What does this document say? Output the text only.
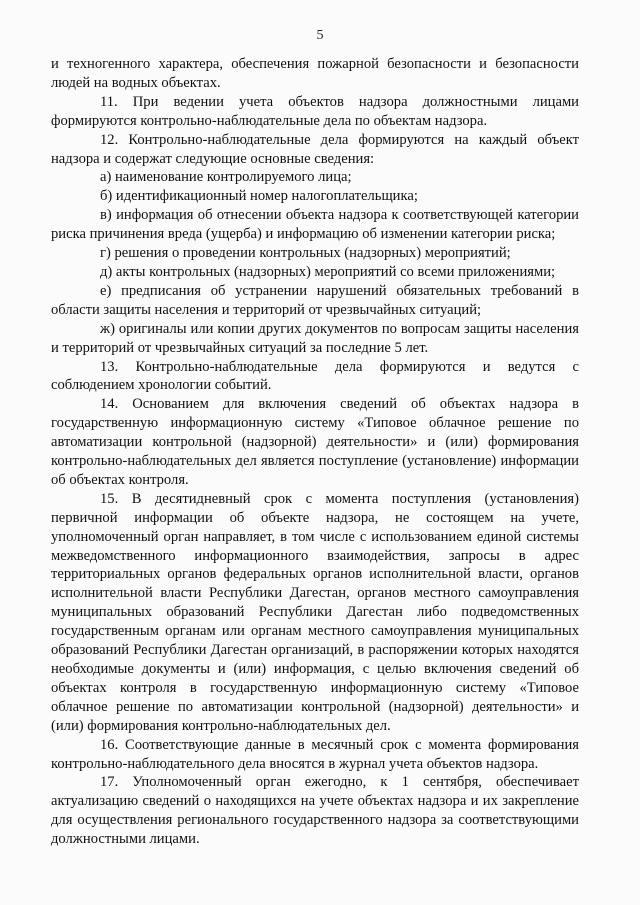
5

и техногенного характера, обеспечения пожарной безопасности и безопасности людей на водных объектах.

11. При ведении учета объектов надзора должностными лицами формируются контрольно-наблюдательные дела по объектам надзора.

12. Контрольно-наблюдательные дела формируются на каждый объект надзора и содержат следующие основные сведения:

а) наименование контролируемого лица;

б) идентификационный номер налогоплательщика;

в) информация об отнесении объекта надзора к соответствующей категории риска причинения вреда (ущерба) и информацию об изменении категории риска;

г) решения о проведении контрольных (надзорных) мероприятий;

д) акты контрольных (надзорных) мероприятий со всеми приложениями;

е) предписания об устранении нарушений обязательных требований в области защиты населения и территорий от чрезвычайных ситуаций;

ж) оригиналы или копии других документов по вопросам защиты населения и территорий от чрезвычайных ситуаций за последние 5 лет.

13. Контрольно-наблюдательные дела формируются и ведутся с соблюдением хронологии событий.

14. Основанием для включения сведений об объектах надзора в государственную информационную систему «Типовое облачное решение по автоматизации контрольной (надзорной) деятельности» и (или) формирования контрольно-наблюдательных дел является поступление (установление) информации об объектах контроля.

15. В десятидневный срок с момента поступления (установления) первичной информации об объекте надзора, не состоящем на учете, уполномоченный орган направляет, в том числе с использованием единой системы межведомственного информационного взаимодействия, запросы в адрес территориальных органов федеральных органов исполнительной власти, органов исполнительной власти Республики Дагестан, органов местного самоуправления муниципальных образований Республики Дагестан либо подведомственных государственным органам или органам местного самоуправления муниципальных образований Республики Дагестан организаций, в распоряжении которых находятся необходимые документы и (или) информация, с целью включения сведений об объектах контроля в государственную информационную систему «Типовое облачное решение по автоматизации контрольной (надзорной) деятельности» и (или) формирования контрольно-наблюдательных дел.

16. Соответствующие данные в месячный срок с момента формирования контрольно-наблюдательного дела вносятся в журнал учета объектов надзора.

17. Уполномоченный орган ежегодно, к 1 сентября, обеспечивает актуализацию сведений о находящихся на учете объектах надзора и их закрепление для осуществления регионального государственного надзора за соответствующими должностными лицами.
